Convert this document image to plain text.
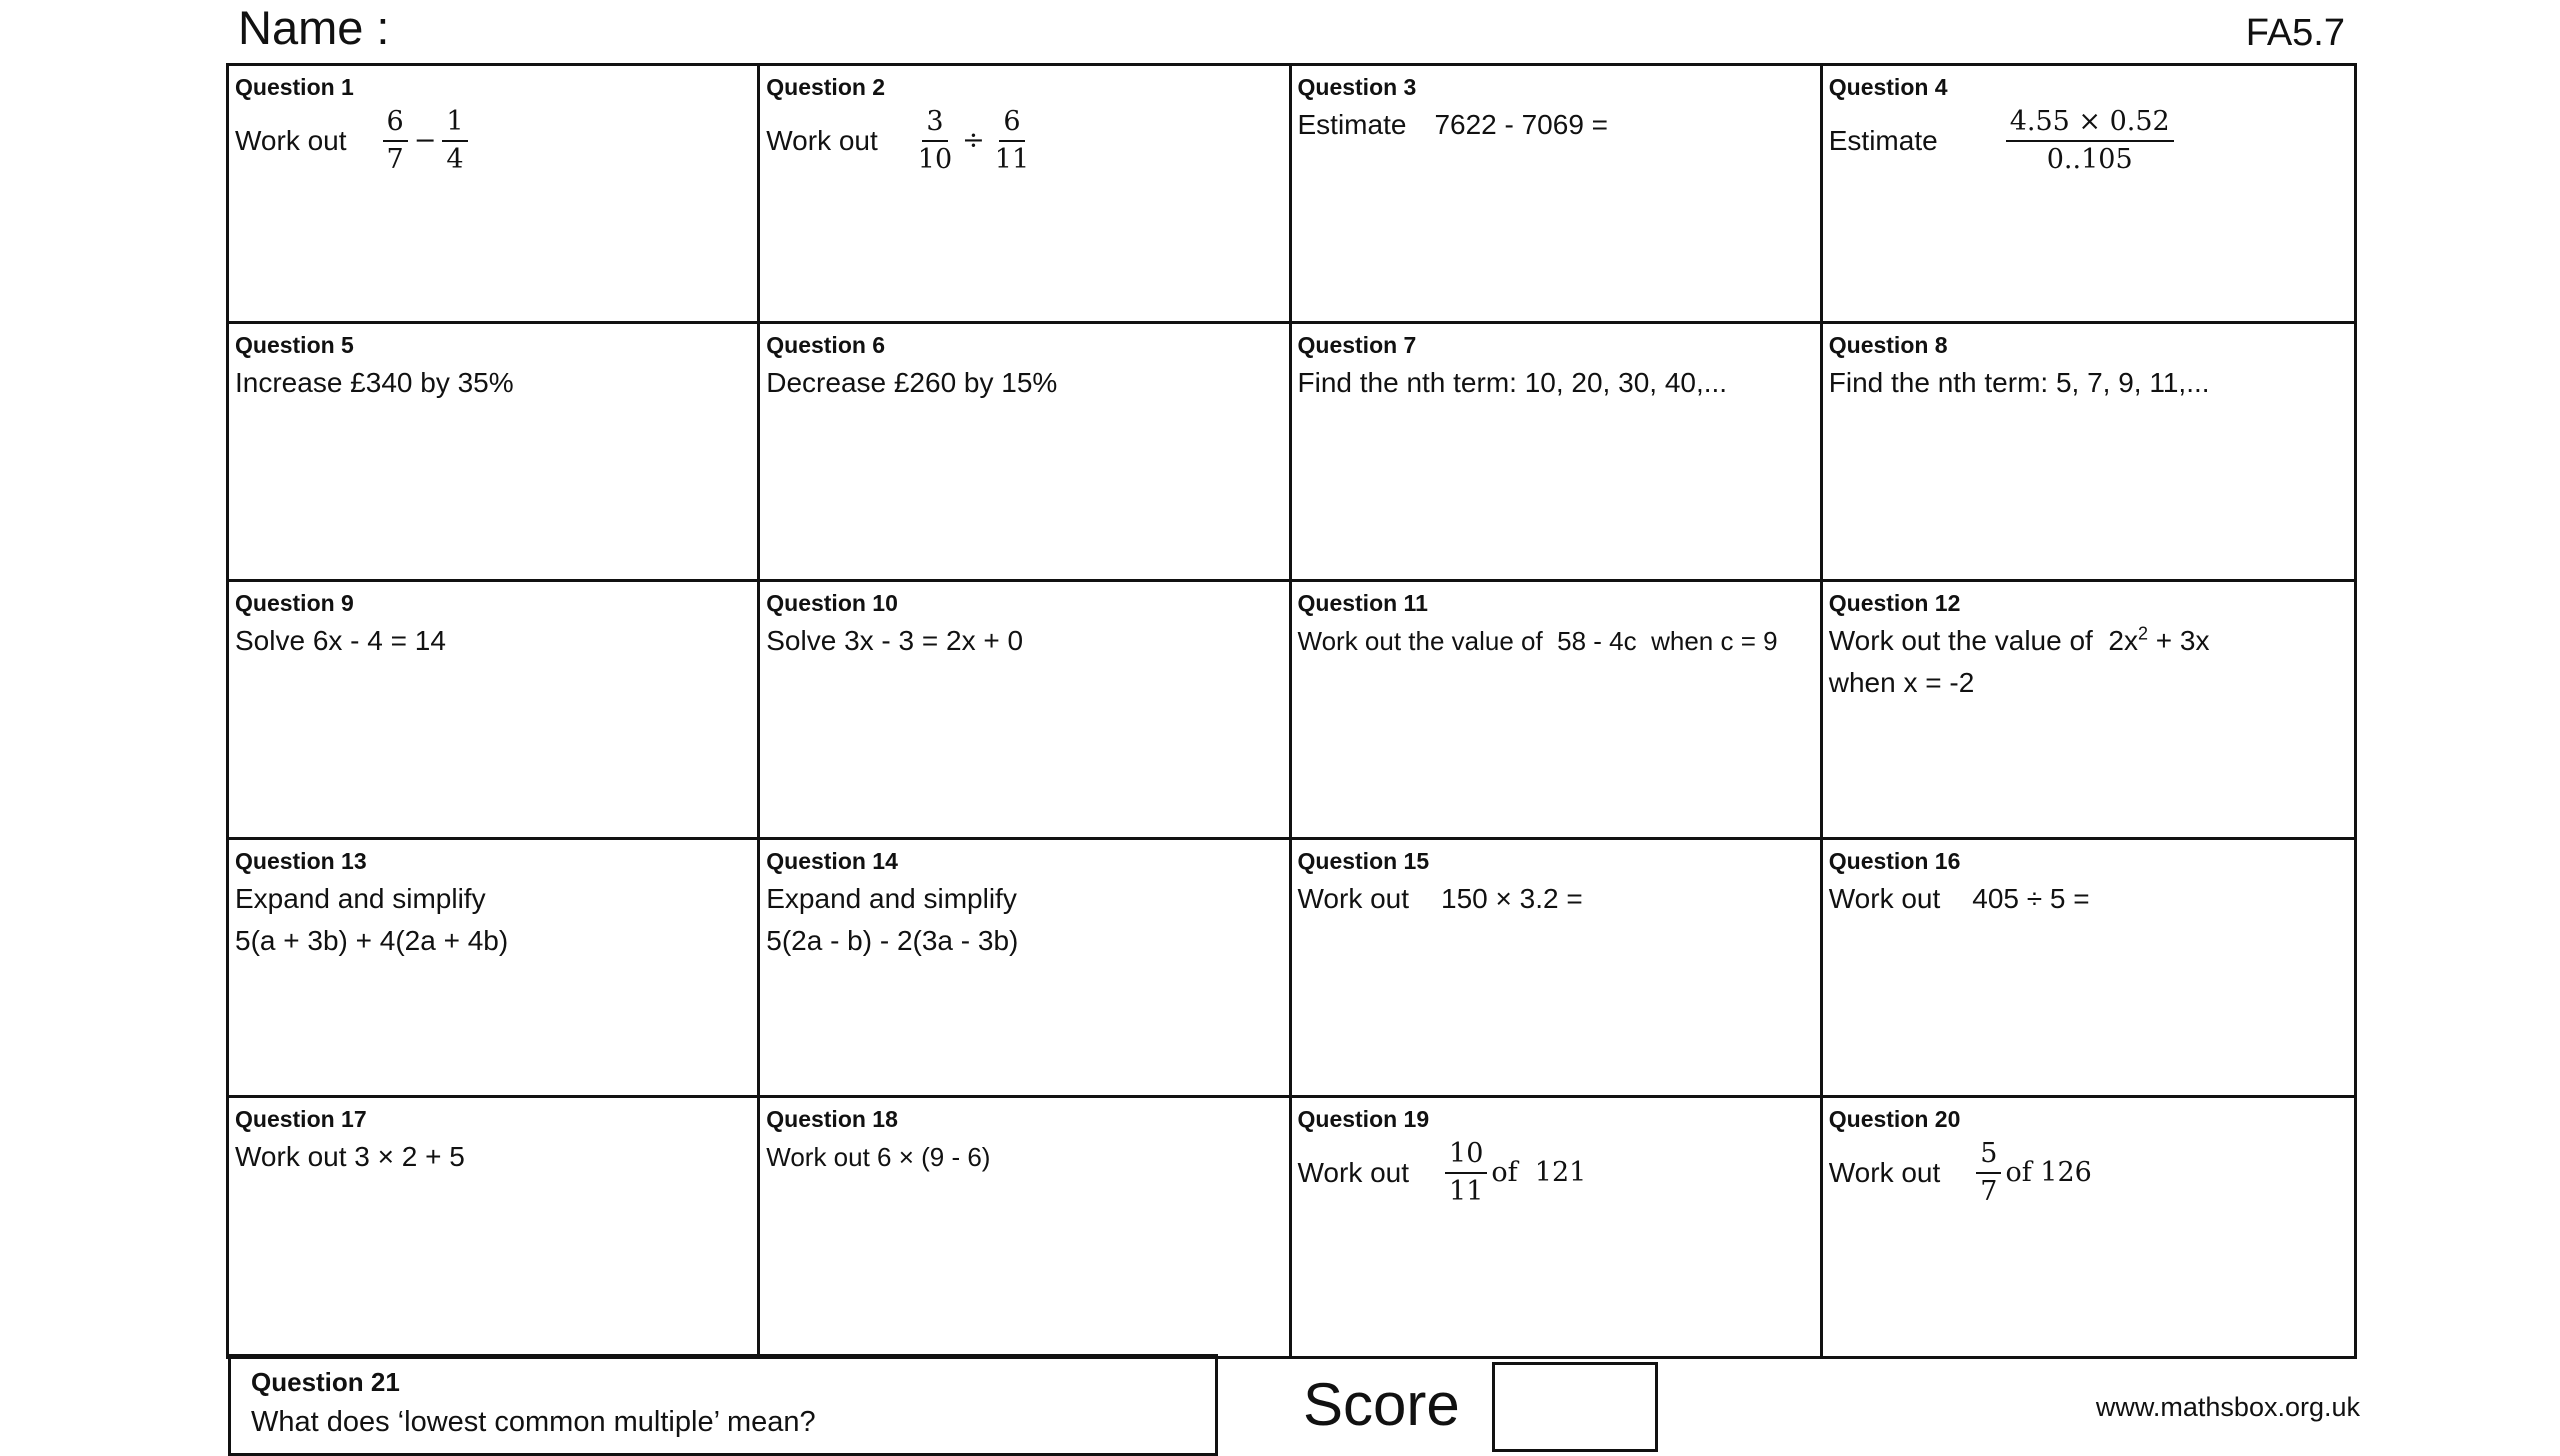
Name :	FA5.7
Question 1
Work out $\frac{6}{7} - \frac{1}{4}$
Question 2
Work out $\frac{3}{10} \div \frac{6}{11}$
Question 3
Estimate 7622 - 7069 =
Question 4
Estimate	$\frac{4.55 \times 0.52}{0..105}$
Question 5
Increase £340 by 35%
Question 6
Decrease £260 by 15%
Question 7
Find the nth term: 10, 20, 30, 40,...
Question 8
Find the nth term: 5, 7, 9, 11,...
Question 9
Solve 6x - 4 = 14
Question 10
Solve 3x - 3 = 2x + 0
Question 11
Work out the value of  58 - 4c  when c = 9
Question 12
Work out the value of  $2x^2 + 3x$
when x = -2
Question 13
Expand and simplify
5(a + 3b) + 4(2a + 4b)
Question 14
Expand and simplify
5(2a - b) - 2(3a - 3b)
Question 15
Work out 150 × 3.2 =
Question 16
Work out 405 ÷ 5 =
Question 17
Work out 3 × 2 + 5
Question 18
Work out 6 × (9 - 6)
Question 19
Work out $\frac{10}{11}$ of  121
Question 20
Work out $\frac{5}{7}$ of 126
Question 21
What does ‘lowest common multiple’ mean?	Score	www.mathsbox.org.uk
